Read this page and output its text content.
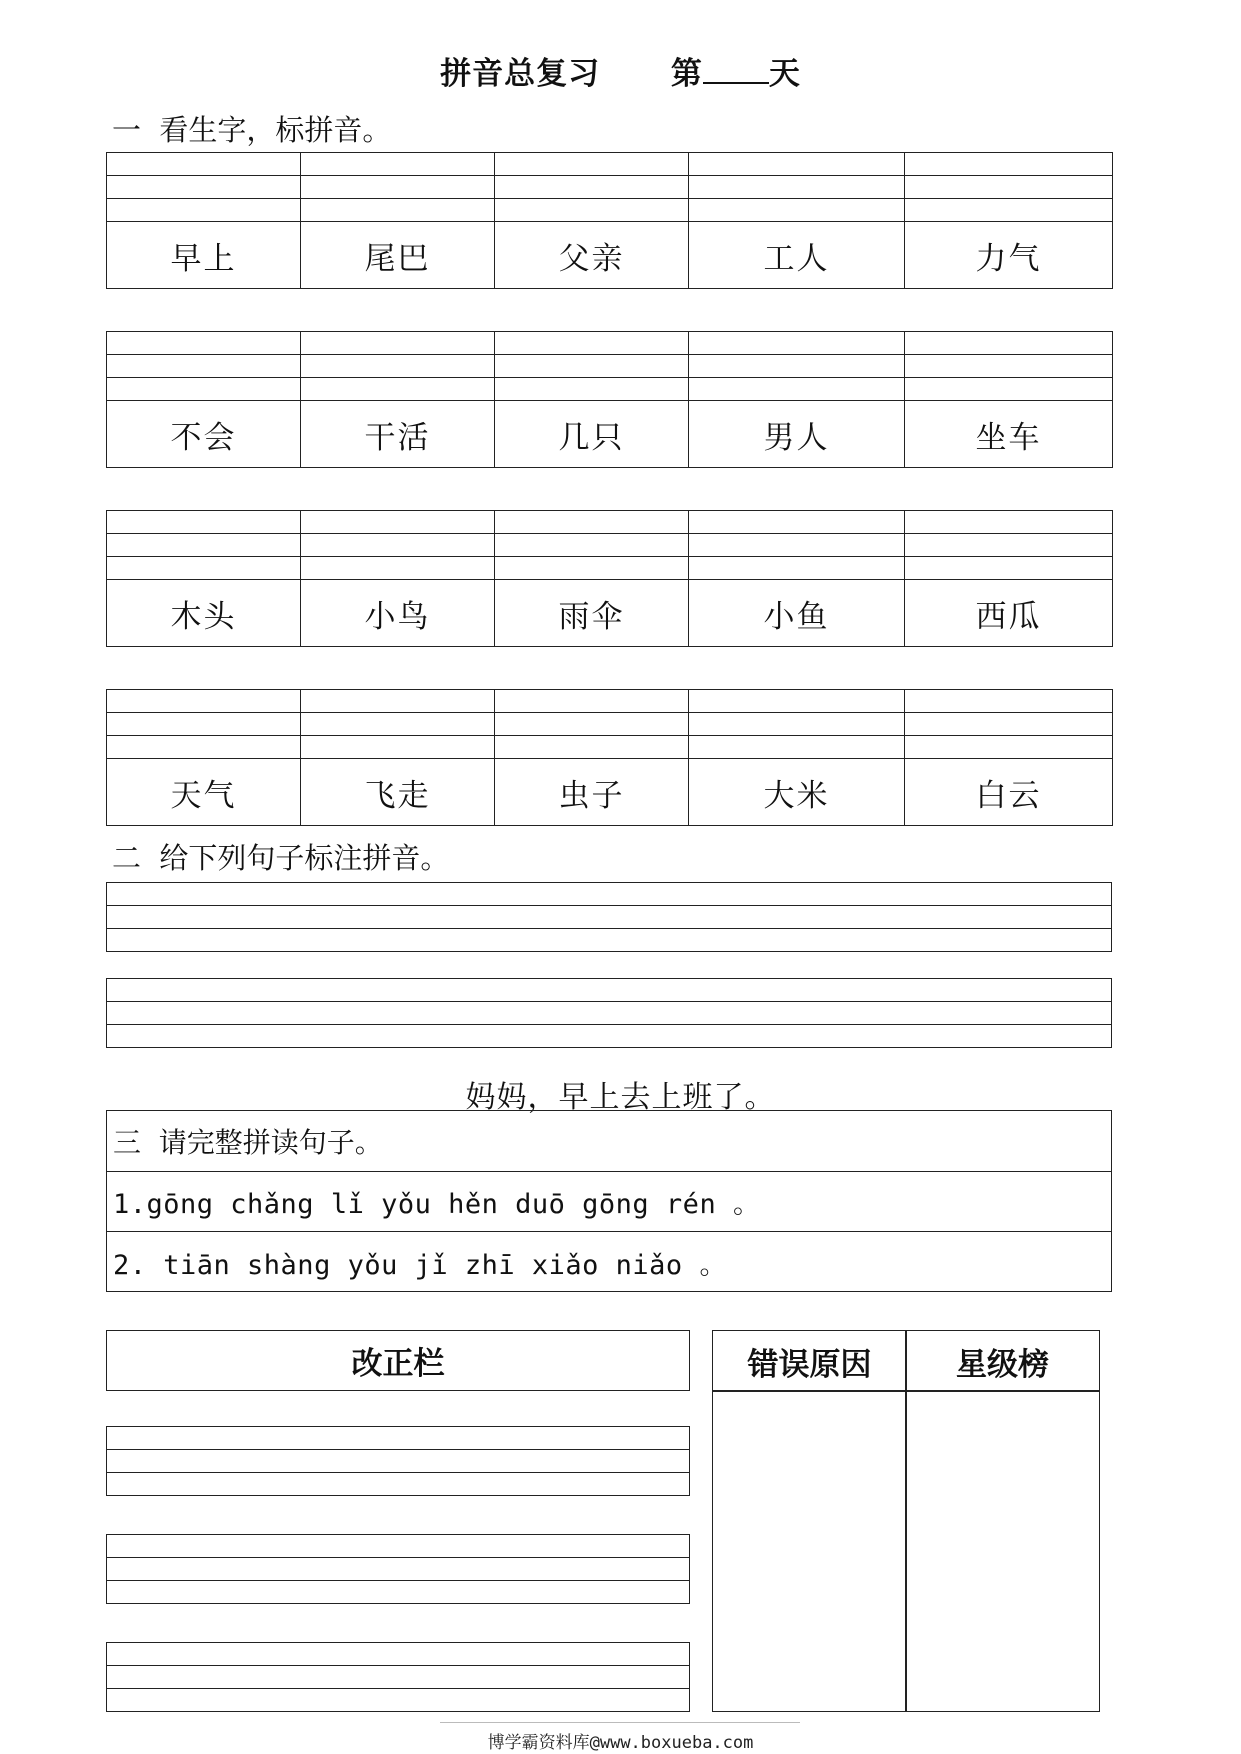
拼音总复习 第 天
一  看生字，标拼音。
早上	尾巴	父亲	工人	力气
不会	干活	几只	男人	坐车
木头	小鸟	雨伞	小鱼	西瓜
天气	飞走	虫子	大米	白云
二  给下列句子标注拼音。
妈妈，早上去上班了。
三  请完整拼读句子。
1.gōng chǎng lǐ yǒu hěn duō gōng rén 。
2. tiān shàng yǒu jǐ zhī xiǎo niǎo 。
改正栏	错误原因	星级榜
博学霸资料库@www.boxueba.com
